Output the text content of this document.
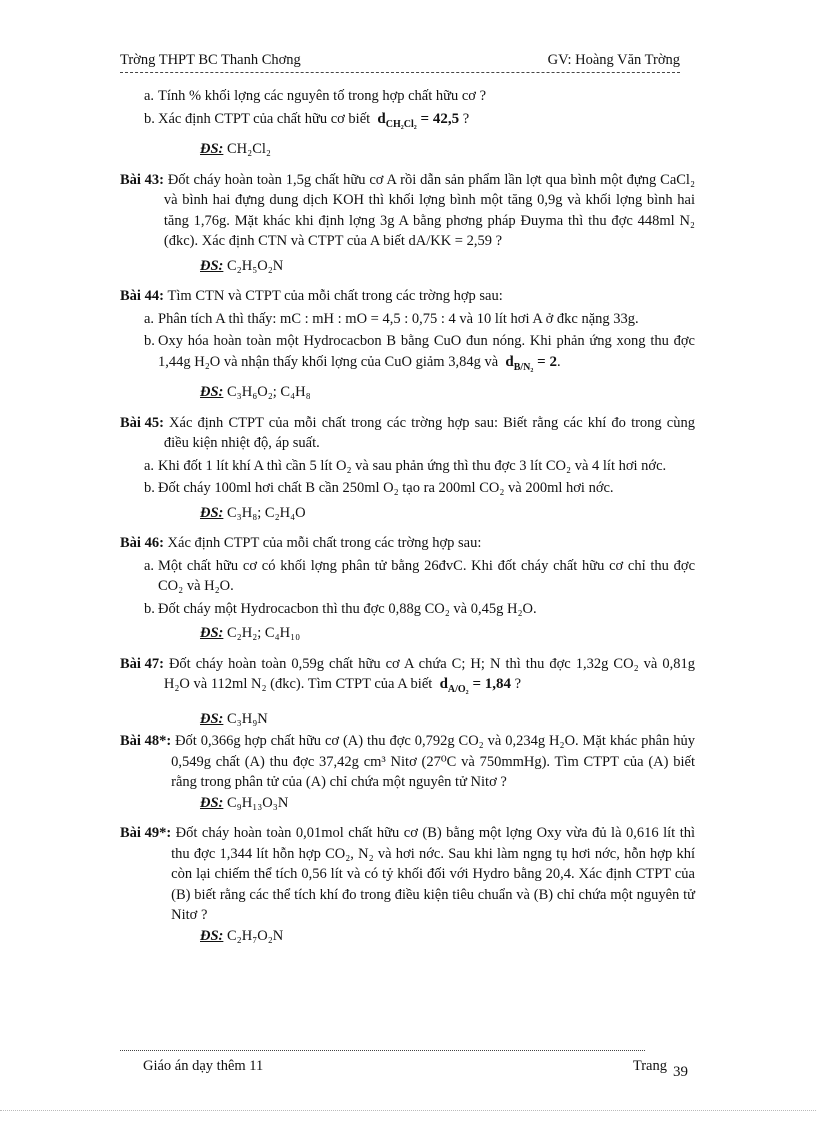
Trờng THPT BC Thanh Chơng	GV: Hoàng Văn Trờng
a. Tính % khối lợng các nguyên tố trong hợp chất hữu cơ ?
b. Xác định CTPT của chất hữu cơ biết $d_{CH_2Cl_2} = 42,5$ ?
ĐS: CH₂Cl₂
Bài 43: Đốt cháy hoàn toàn 1,5g chất hữu cơ A rồi dẫn sản phẩm lần lợt qua bình một đựng CaCl₂ và bình hai đựng dung dịch KOH thì khối lợng bình một tăng 0,9g và khối lợng bình hai tăng 1,76g. Mặt khác khi định lợng 3g A bằng phơng pháp Đuyma thì thu đợc 448ml N₂ (đkc). Xác định CTN và CTPT của A biết dA/KK = 2,59 ?
ĐS: C₂H₅O₂N
Bài 44: Tìm CTN và CTPT của mỗi chất trong các trờng hợp sau:
a. Phân tích A thì thấy: mC : mH : mO = 4,5 : 0,75 : 4 và 10 lít hơi A ở đkc nặng 33g.
b. Oxy hóa hoàn toàn một Hydrocacbon B bằng CuO đun nóng. Khi phản ứng xong thu đợc 1,44g H₂O và nhận thấy khối lợng của CuO giảm 3,84g và $d_{B/N_2} = 2$.
ĐS: C₃H₆O₂; C₄H₈
Bài 45: Xác định CTPT của mỗi chất trong các trờng hợp sau: Biết rằng các khí đo trong cùng điều kiện nhiệt độ, áp suất.
a. Khi đốt 1 lít khí A thì cần 5 lít O₂ và sau phản ứng thì thu đợc 3 lít CO₂ và 4 lít hơi nớc.
b. Đốt cháy 100ml hơi chất B cần 250ml O₂ tạo ra 200ml CO₂ và 200ml hơi nớc.
ĐS: C₃H₈; C₂H₄O
Bài 46: Xác định CTPT của mỗi chất trong các trờng hợp sau:
a. Một chất hữu cơ có khối lợng phân tử bằng 26đvC. Khi đốt cháy chất hữu cơ chỉ thu đợc CO₂ và H₂O.
b. Đốt cháy một Hydrocacbon thì thu đợc 0,88g CO₂ và 0,45g H₂O.
ĐS: C₂H₂; C₄H₁₀
Bài 47: Đốt cháy hoàn toàn 0,59g chất hữu cơ A chứa C; H; N thì thu đợc 1,32g CO₂ và 0,81g H₂O và 112ml N₂ (đkc). Tìm CTPT của A biết $d_{A/O_2} = 1,84$ ?
ĐS: C₃H₉N
Bài 48*: Đốt 0,366g hợp chất hữu cơ (A) thu đợc 0,792g CO₂ và 0,234g H₂O. Mặt khác phân hủy 0,549g chất (A) thu đợc 37,42g cm³ Nitơ (27⁰C và 750mmHg). Tìm CTPT của (A) biết rằng trong phân tử của (A) chỉ chứa một nguyên tử Nitơ ?
ĐS: C₉H₁₃O₃N
Bài 49*: Đốt cháy hoàn toàn 0,01mol chất hữu cơ (B) bằng một lợng Oxy vừa đủ là 0,616 lít thì thu đợc 1,344 lít hỗn hợp CO₂, N₂ và hơi nớc. Sau khi làm ngng tụ hơi nớc, hỗn hợp khí còn lại chiếm thể tích 0,56 lít và có tỷ khối đối với Hydro bằng 20,4. Xác định CTPT của (B) biết rằng các thể tích khí đo trong điều kiện tiêu chuẩn và (B) chỉ chứa một nguyên tử Nitơ ?
ĐS: C₂H₇O₂N
Giáo án dạy thêm 11	Trang 39
